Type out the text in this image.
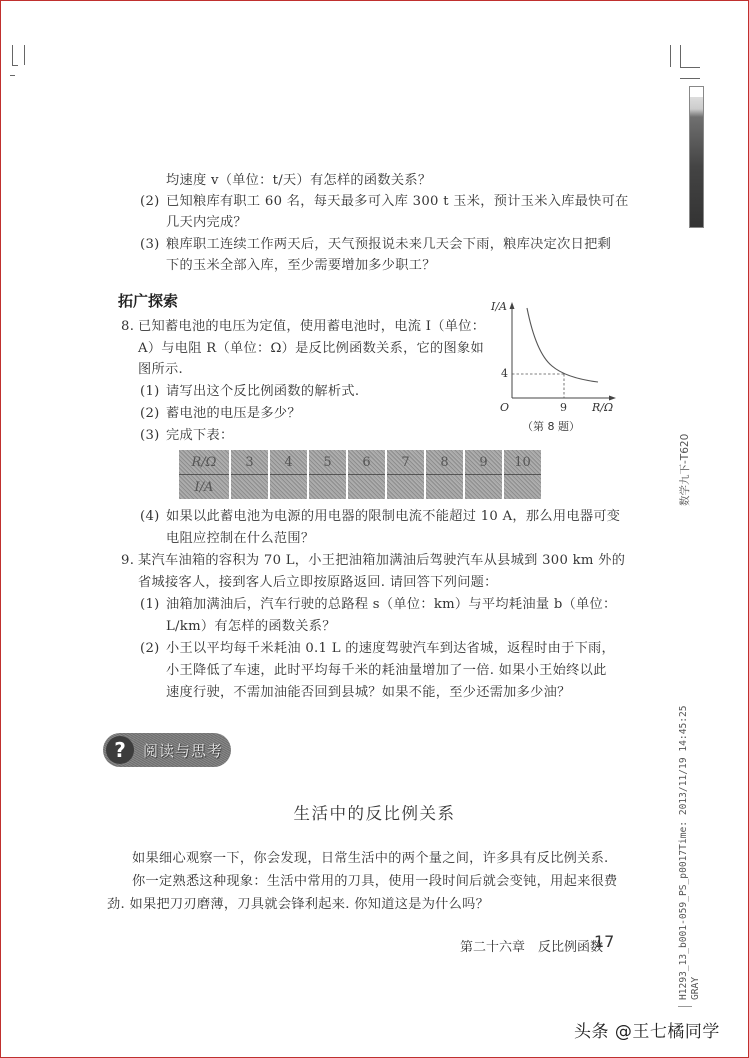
均速度 v（单位：t/天）有怎样的函数关系？
(2) 已知粮库有职工 60 名，每天最多可入库 300 t 玉米，预计玉米入库最快可在
几天内完成？
(3) 粮库职工连续工作两天后，天气预报说未来几天会下雨，粮库决定次日把剩
下的玉米全部入库，至少需要增加多少职工？
拓广探索
8. 已知蓄电池的电压为定值，使用蓄电池时，电流 I（单位：
A）与电阻 R（单位：Ω）是反比例函数关系，它的图象如
图所示.
(1) 请写出这个反比例函数的解析式.
(2) 蓄电池的电压是多少？
(3) 完成下表：
I/A
4
O	9 R/Ω
（第 8 题）
R/Ω	3	4	5	6	7	8	9	10
I/A								
(4) 如果以此蓄电池为电源的用电器的限制电流不能超过 10 A，那么用电器可变
电阻应控制在什么范围？
9. 某汽车油箱的容积为 70 L，小王把油箱加满油后驾驶汽车从县城到 300 km 外的
省城接客人，接到客人后立即按原路返回. 请回答下列问题：
(1) 油箱加满油后，汽车行驶的总路程 s（单位：km）与平均耗油量 b（单位：
L/km）有怎样的函数关系？
(2) 小王以平均每千米耗油 0.1 L 的速度驾驶汽车到达省城，返程时由于下雨，
小王降低了车速，此时平均每千米的耗油量增加了一倍. 如果小王始终以此
速度行驶，不需加油能否回到县城？如果不能，至少还需加多少油？
?	阅读与思考
生活中的反比例关系
如果细心观察一下，你会发现，日常生活中的两个量之间，许多具有反比例关系.
你一定熟悉这种现象：生活中常用的刀具，使用一段时间后就会变钝，用起来很费
劲. 如果把刀刃磨薄，刀具就会锋利起来. 你知道这是为什么吗？
第二十六章　反比例函数
17
数学九下-T620
H1293_13_b001-059_PS_p0017Time: 2013/11/19 14:45:25 GRAY
头条 @王七橘同学
